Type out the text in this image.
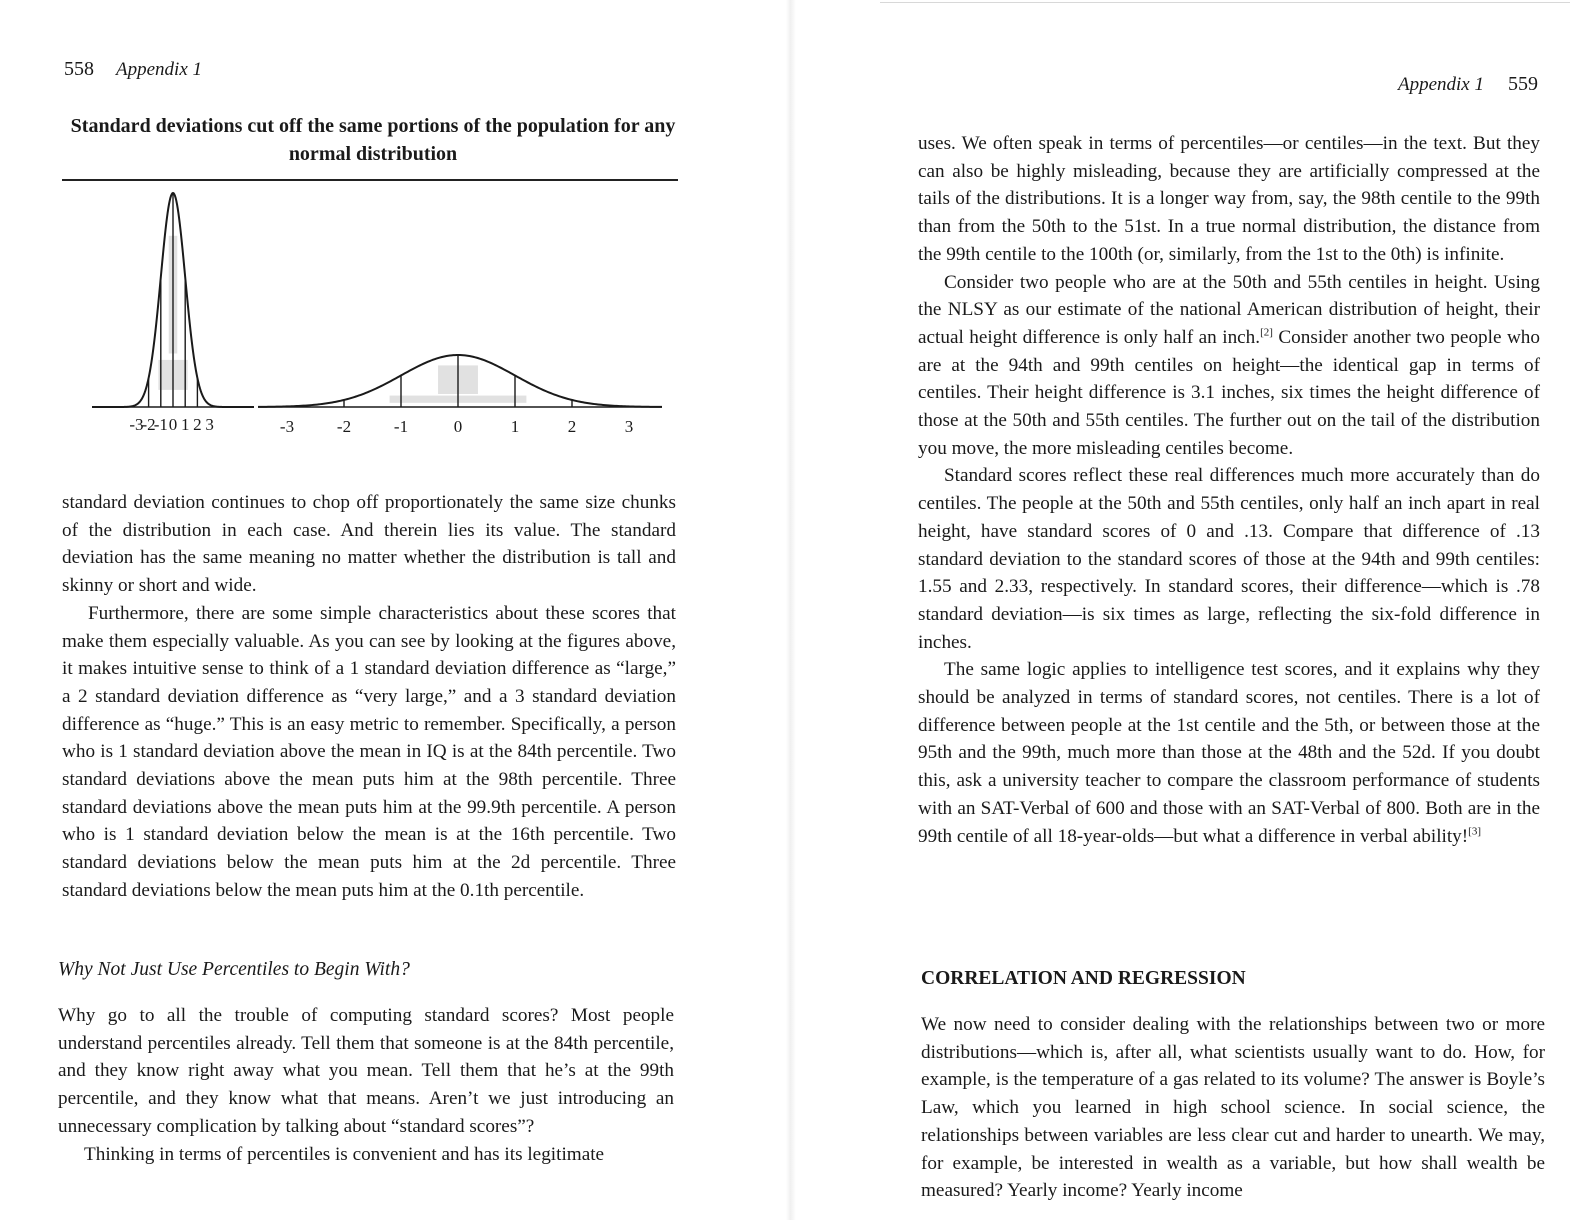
558 Appendix 1
Standard deviations cut off the same portions of the population for any normal distribution
-3
-2
-1 0 1 2 3	-3	-2	-1	0	1	2	3

standard deviation continues to chop off proportionately the same size chunks of the distribution in each case. And therein lies its value. The standard deviation has the same meaning no matter whether the distribution is tall and skinny or short and wide.

Furthermore, there are some simple characteristics about these scores that make them especially valuable. As you can see by looking at the figures above, it makes intuitive sense to think of a 1 standard deviation difference as “large,” a 2 standard deviation difference as “very large,” and a 3 standard deviation difference as “huge.” This is an easy metric to remember. Specifically, a person who is 1 standard deviation above the mean in IQ is at the 84th percentile. Two standard deviations above the mean puts him at the 98th percentile. Three standard deviations above the mean puts him at the 99.9th percentile. A person who is 1 standard deviation below the mean is at the 16th percentile. Two standard deviations below the mean puts him at the 2d percentile. Three standard deviations below the mean puts him at the 0.1th percentile.

Why Not Just Use Percentiles to Begin With?

Why go to all the trouble of computing standard scores? Most people understand percentiles already. Tell them that someone is at the 84th percentile, and they know right away what you mean. Tell them that he’s at the 99th percentile, and they know what that means. Aren’t we just introducing an unnecessary complication by talking about “standard scores”?

Thinking in terms of percentiles is convenient and has its legitimate

Appendix 1 559

uses. We often speak in terms of percentiles—or centiles—in the text. But they can also be highly misleading, because they are artificially compressed at the tails of the distributions. It is a longer way from, say, the 98th centile to the 99th than from the 50th to the 51st. In a true normal distribution, the distance from the 99th centile to the 100th (or, similarly, from the 1st to the 0th) is infinite.

Consider two people who are at the 50th and 55th centiles in height. Using the NLSY as our estimate of the national American distribution of height, their actual height difference is only half an inch.[2] Consider another two people who are at the 94th and 99th centiles on height—the identical gap in terms of centiles. Their height difference is 3.1 inches, six times the height difference of those at the 50th and 55th centiles. The further out on the tail of the distribution you move, the more misleading centiles become.

Standard scores reflect these real differences much more accurately than do centiles. The people at the 50th and 55th centiles, only half an inch apart in real height, have standard scores of 0 and .13. Compare that difference of .13 standard deviation to the standard scores of those at the 94th and 99th centiles: 1.55 and 2.33, respectively. In standard scores, their difference—which is .78 standard deviation—is six times as large, reflecting the six-fold difference in inches.

The same logic applies to intelligence test scores, and it explains why they should be analyzed in terms of standard scores, not centiles. There is a lot of difference between people at the 1st centile and the 5th, or between those at the 95th and the 99th, much more than those at the 48th and the 52d. If you doubt this, ask a university teacher to compare the classroom performance of students with an SAT-Verbal of 600 and those with an SAT-Verbal of 800. Both are in the 99th centile of all 18-year-olds—but what a difference in verbal ability![3]

CORRELATION AND REGRESSION

We now need to consider dealing with the relationships between two or more distributions—which is, after all, what scientists usually want to do. How, for example, is the temperature of a gas related to its volume? The answer is Boyle’s Law, which you learned in high school science. In social science, the relationships between variables are less clear cut and harder to unearth. We may, for example, be interested in wealth as a variable, but how shall wealth be measured? Yearly income? Yearly income
